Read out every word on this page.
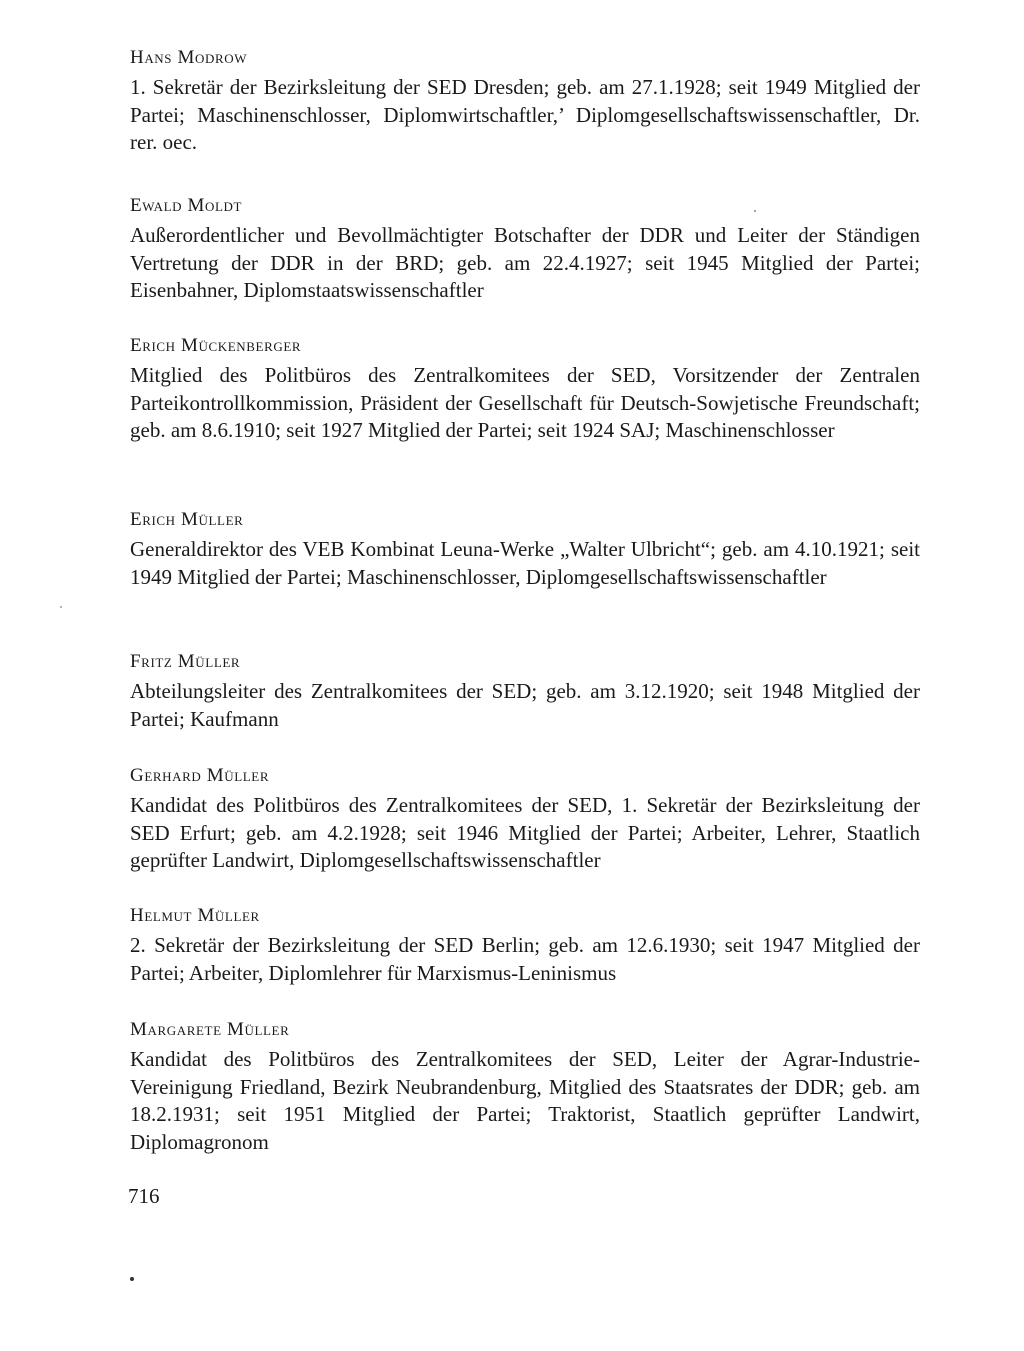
Hans Modrow

1. Sekretär der Bezirksleitung der SED Dresden; geb. am 27.1.1928; seit 1949 Mitglied der Partei; Maschinenschlosser, Diplomwirtschaftler,’ Diplomgesellschaftswissenschaftler, Dr. rer. oec.

Ewald Moldt

Außerordentlicher und Bevollmächtigter Botschafter der DDR und Leiter der Ständigen Vertretung der DDR in der BRD; geb. am 22.4.1927; seit 1945 Mitglied der Partei; Eisenbahner, Diplomstaatswissenschaftler

Erich Mückenberger

Mitglied des Politbüros des Zentralkomitees der SED, Vorsitzender der Zentralen Parteikontrollkommission, Präsident der Gesellschaft für Deutsch-Sowjetische Freundschaft; geb. am 8.6.1910; seit 1927 Mitglied der Partei; seit 1924 SAJ; Maschinenschlosser

Erich Müller

Generaldirektor des VEB Kombinat Leuna-Werke „Walter Ulbricht“; geb. am 4.10.1921; seit 1949 Mitglied der Partei; Maschinenschlosser, Diplomgesellschaftswissenschaftler

Fritz Müller

Abteilungsleiter des Zentralkomitees der SED; geb. am 3.12.1920; seit 1948 Mitglied der Partei; Kaufmann

Gerhard Müller

Kandidat des Politbüros des Zentralkomitees der SED, 1. Sekretär der Bezirksleitung der SED Erfurt; geb. am 4.2.1928; seit 1946 Mitglied der Partei; Arbeiter, Lehrer, Staatlich geprüfter Landwirt, Diplomgesellschaftswissenschaftler

Helmut Müller

2. Sekretär der Bezirksleitung der SED Berlin; geb. am 12.6.1930; seit 1947 Mitglied der Partei; Arbeiter, Diplomlehrer für Marxismus-Leninismus

Margarete Müller

Kandidat des Politbüros des Zentralkomitees der SED, Leiter der Agrar-Industrie-Vereinigung Friedland, Bezirk Neubrandenburg, Mitglied des Staatsrates der DDR; geb. am 18.2.1931; seit 1951 Mitglied der Partei; Traktorist, Staatlich geprüfter Landwirt, Diplomagronom

716
